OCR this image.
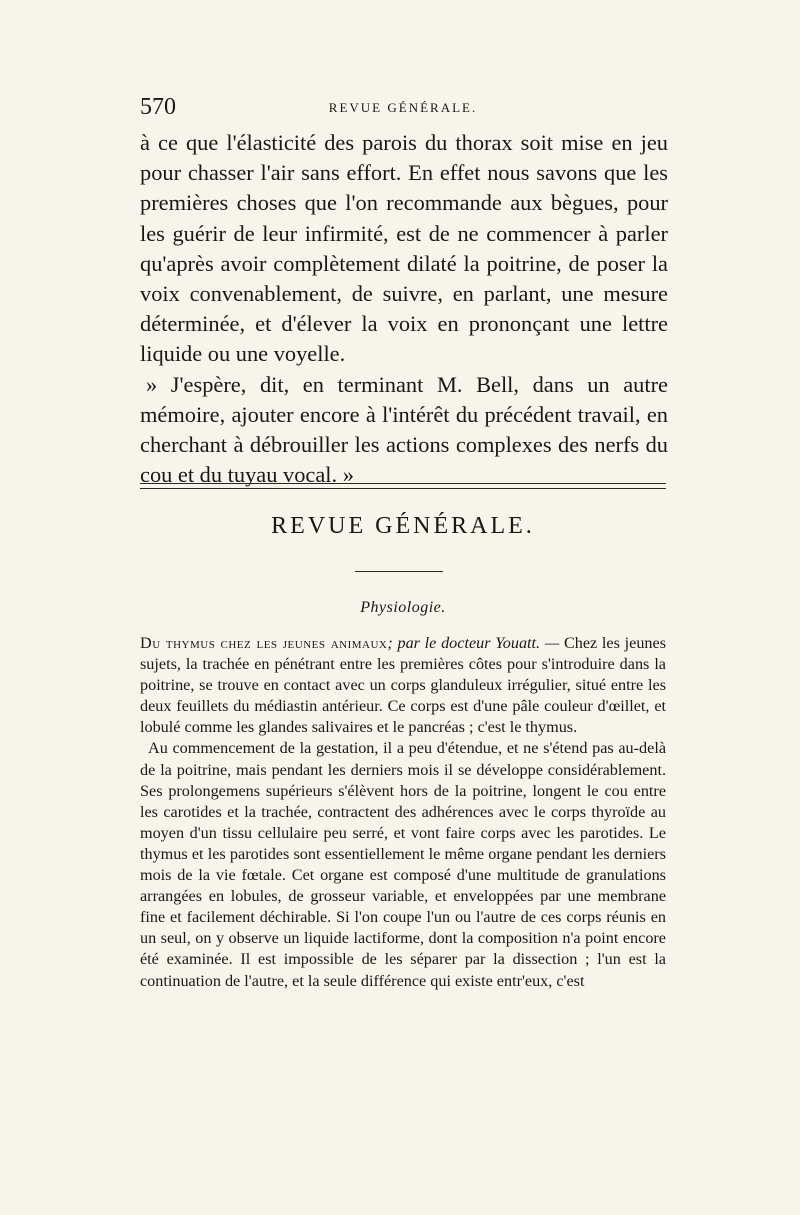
570	REVUE GÉNÉRALE.

à ce que l'élasticité des parois du thorax soit mise en jeu pour chasser l'air sans effort. En effet nous savons que les premières choses que l'on recommande aux bègues, pour les guérir de leur infirmité, est de ne commencer à parler qu'après avoir complètement dilaté la poitrine, de poser la voix convenablement, de suivre, en parlant, une mesure déterminée, et d'élever la voix en prononçant une lettre liquide ou une voyelle.

» J'espère, dit, en terminant M. Bell, dans un autre mémoire, ajouter encore à l'intérêt du précédent travail, en cherchant à débrouiller les actions complexes des nerfs du cou et du tuyau vocal. »

REVUE GÉNÉRALE.
Physiologie.

Du thymus chez les jeunes animaux; par le docteur Youatt. — Chez les jeunes sujets, la trachée en pénétrant entre les premières côtes pour s'introduire dans la poitrine, se trouve en contact avec un corps glanduleux irrégulier, situé entre les deux feuillets du médiastin antérieur. Ce corps est d'une pâle couleur d'œillet, et lobulé comme les glandes salivaires et le pancréas ; c'est le thymus.

Au commencement de la gestation, il a peu d'étendue, et ne s'étend pas au-delà de la poitrine, mais pendant les derniers mois il se développe considérablement. Ses prolongemens supérieurs s'élèvent hors de la poitrine, longent le cou entre les carotides et la trachée, contractent des adhérences avec le corps thyroïde au moyen d'un tissu cellulaire peu serré, et vont faire corps avec les parotides. Le thymus et les parotides sont essentiellement le même organe pendant les derniers mois de la vie fœtale. Cet organe est composé d'une multitude de granulations arrangées en lobules, de grosseur variable, et enveloppées par une membrane fine et facilement déchirable. Si l'on coupe l'un ou l'autre de ces corps réunis en un seul, on y observe un liquide lactiforme, dont la composition n'a point encore été examinée. Il est impossible de les séparer par la dissection ; l'un est la continuation de l'autre, et la seule différence qui existe entr'eux, c'est
